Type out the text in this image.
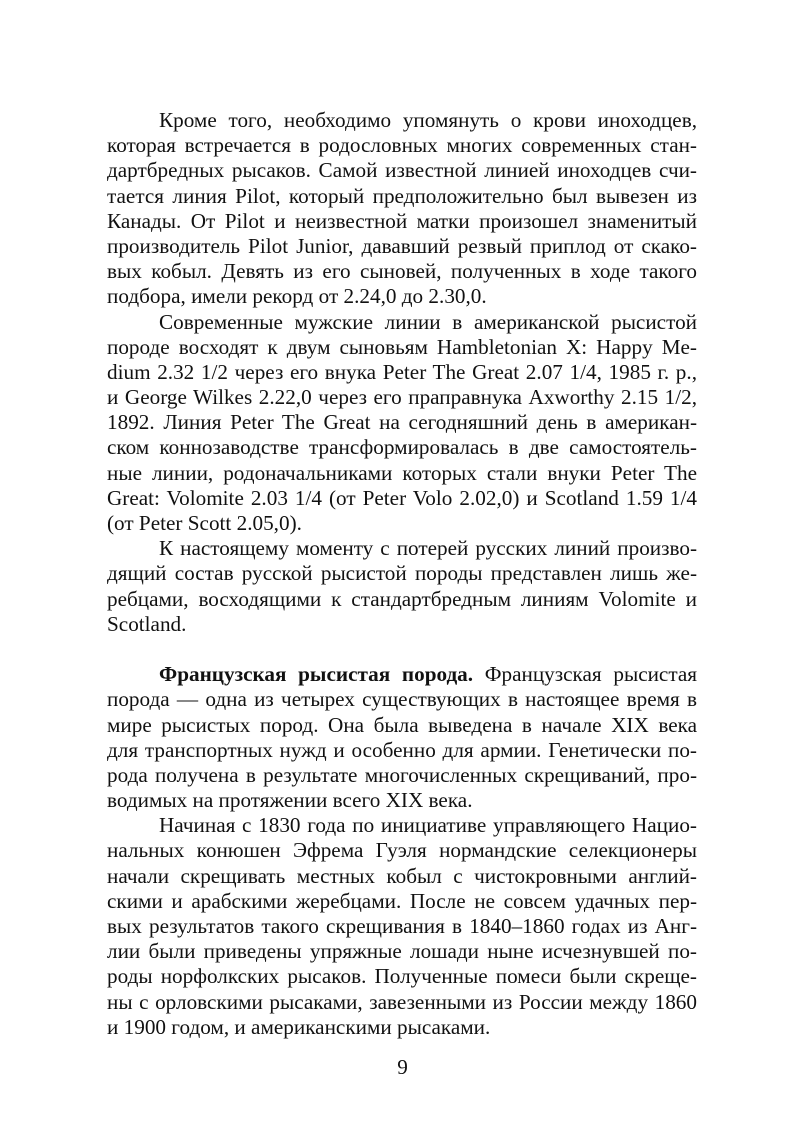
Кроме того, необходимо упомянуть о крови иноходцев,
которая встречается в родословных многих современных стан-
дартбредных рысаков. Самой известной линией иноходцев счи-
тается линия Pilot, который предположительно был вывезен из
Канады. От Pilot и неизвестной матки произошел знаменитый
производитель Pilot Junior, дававший резвый приплод от скако-
вых кобыл. Девять из его сыновей, полученных в ходе такого
подбора, имели рекорд от 2.24,0 до 2.30,0.
Современные мужские линии в американской рысистой
породе восходят к двум сыновьям Hambletonian X: Happy Me-
dium 2.32 1/2 через его внука Peter The Great 2.07 1/4, 1985 г. р.,
и George Wilkes 2.22,0 через его праправнука Axworthy 2.15 1/2,
1892. Линия Peter The Great на сегодняшний день в американ-
ском коннозаводстве трансформировалась в две самостоятель-
ные линии, родоначальниками которых стали внуки Peter The
Great: Volomite 2.03 1/4 (от Peter Volo 2.02,0) и Scotland 1.59 1/4
(от Peter Scott 2.05,0).
К настоящему моменту с потерей русских линий произво-
дящий состав русской рысистой породы представлен лишь же-
ребцами, восходящими к стандартбредным линиям Volomite и
Scotland.
Французская рысистая порода. Французская рысистая
порода — одна из четырех существующих в настоящее время в
мире рысистых пород. Она была выведена в начале XIX века
для транспортных нужд и особенно для армии. Генетически по-
рода получена в результате многочисленных скрещиваний, про-
водимых на протяжении всего XIX века.
Начиная с 1830 года по инициативе управляющего Нацио-
нальных конюшен Эфрема Гуэля нормандские селекционеры
начали скрещивать местных кобыл с чистокровными англий-
скими и арабскими жеребцами. После не совсем удачных пер-
вых результатов такого скрещивания в 1840–1860 годах из Анг-
лии были приведены упряжные лошади ныне исчезнувшей по-
роды норфолкских рысаков. Полученные помеси были скреще-
ны с орловскими рысаками, завезенными из России между 1860
и 1900 годом, и американскими рысаками.
9
